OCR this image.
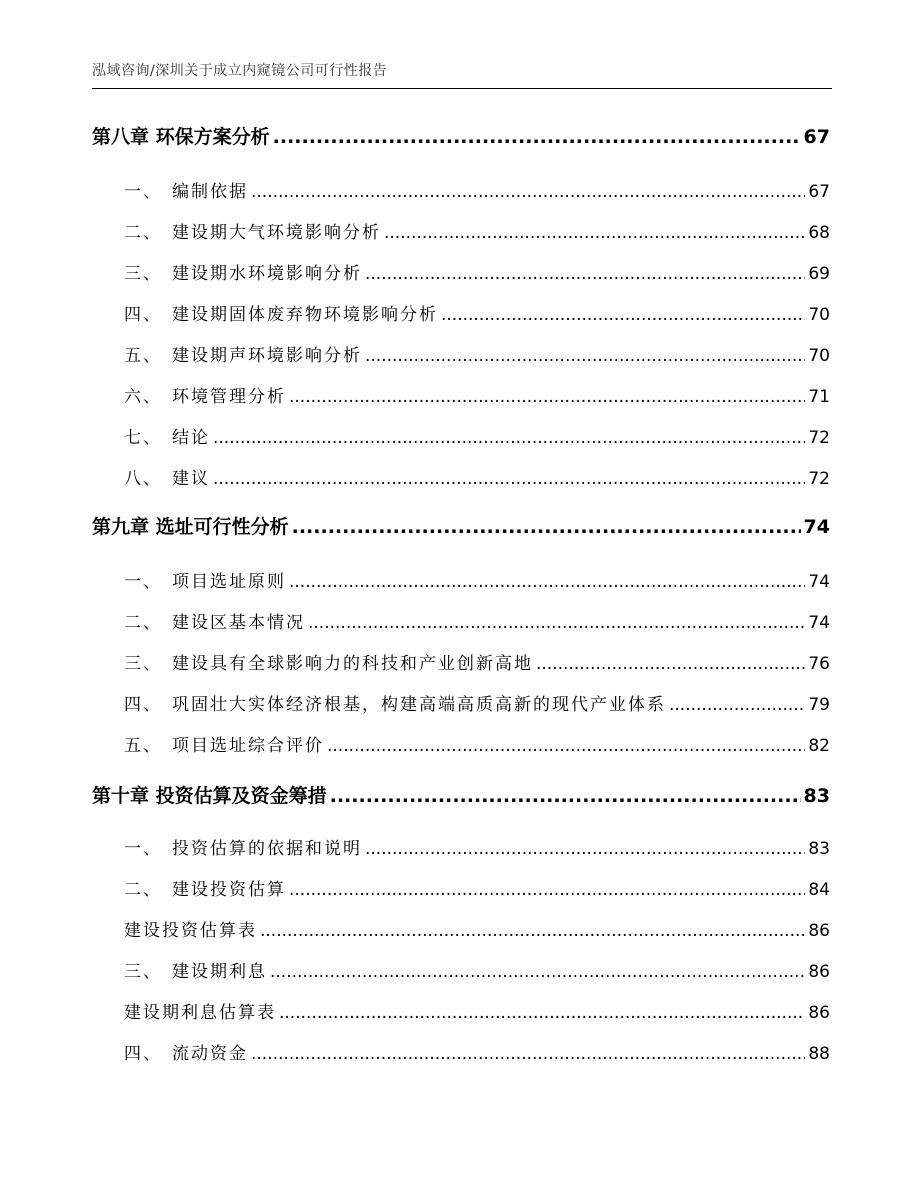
泓域咨询/深圳关于成立内窥镜公司可行性报告
第八章 环保方案分析 .....	67
一、 编制依据 .....	67
二、 建设期大气环境影响分析 .....	68
三、 建设期水环境影响分析 .....	69
四、 建设期固体废弃物环境影响分析 .....	70
五、 建设期声环境影响分析 .....	70
六、 环境管理分析 .....	71
七、 结论 .....	72
八、 建议 .....	72
第九章 选址可行性分析 .....	74
一、 项目选址原则 .....	74
二、 建设区基本情况 .....	74
三、 建设具有全球影响力的科技和产业创新高地 .....	76
四、 巩固壮大实体经济根基，构建高端高质高新的现代产业体系 .....	79
五、 项目选址综合评价 .....	82
第十章 投资估算及资金筹措 .....	83
一、 投资估算的依据和说明 .....	83
二、 建设投资估算 .....	84
建设投资估算表 .....	86
三、 建设期利息 .....	86
建设期利息估算表 .....	86
四、 流动资金 .....	88
